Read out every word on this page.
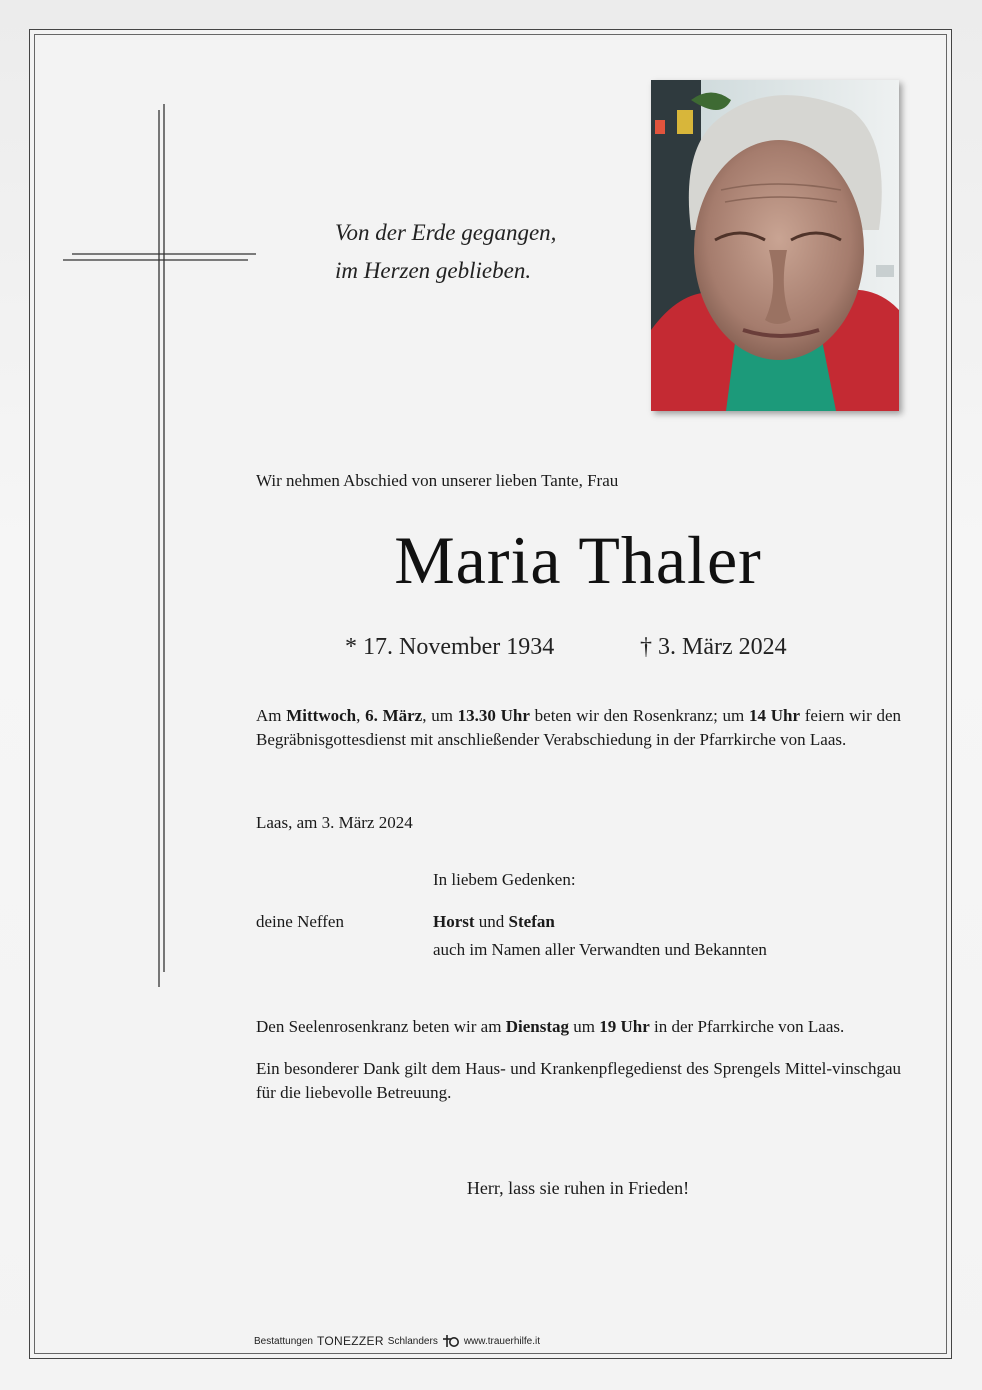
Von der Erde gegangen,
im Herzen geblieben.
Wir nehmen Abschied von unserer lieben Tante, Frau
Maria Thaler
* 17. November 1934	† 3. März 2024
Am Mittwoch, 6. März, um 13.30 Uhr beten wir den Rosenkranz; um 14 Uhr feiern wir den Begräbnisgottesdienst mit anschließender Verabschiedung in der Pfarrkirche von Laas.
Laas, am 3. März 2024
In liebem Gedenken:
deine Neffen	Horst und Stefan
auch im Namen aller Verwandten und Bekannten
Den Seelenrosenkranz beten wir am Dienstag um 19 Uhr in der Pfarrkirche von Laas.
Ein besonderer Dank gilt dem Haus- und Krankenpflegedienst des Sprengels Mittel-vinschgau für die liebevolle Betreuung.
Herr, lass sie ruhen in Frieden!
Bestattungen TONEZZER Schlanders	www.trauerhilfe.it
